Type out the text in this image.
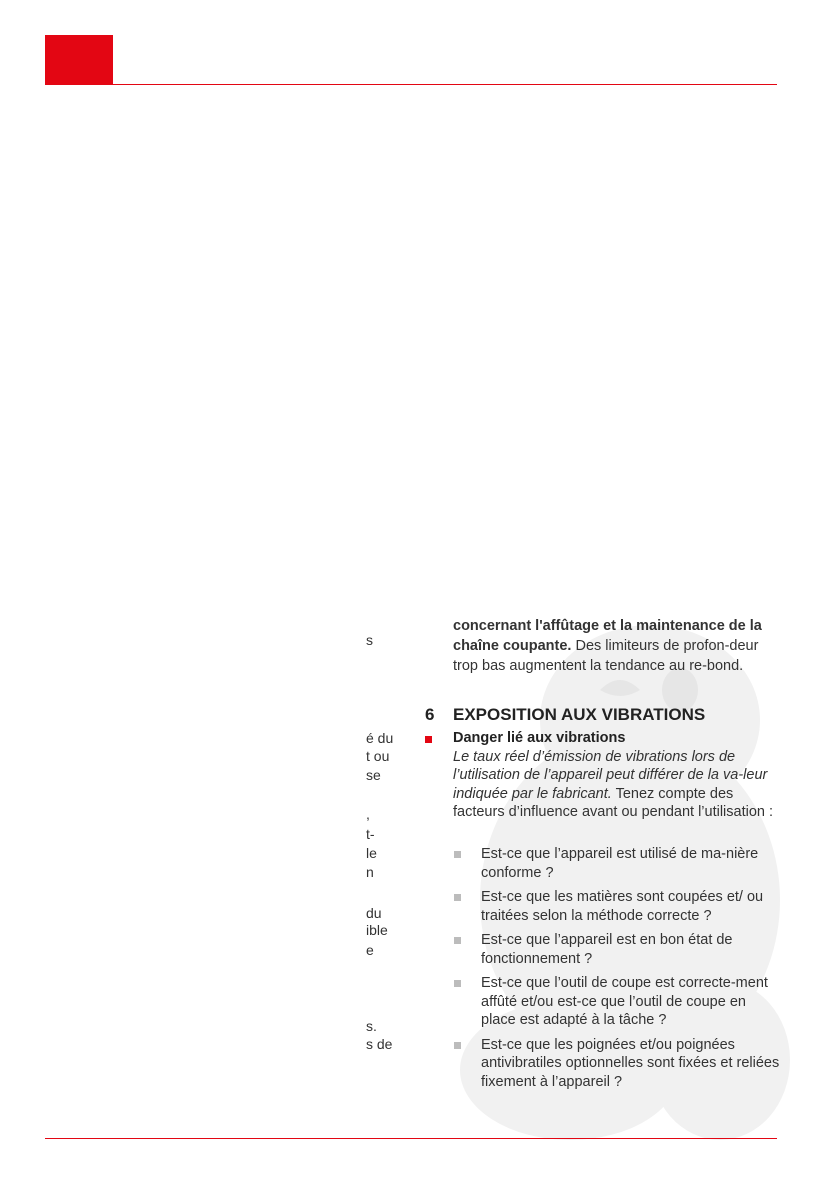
s
é du
t ou
se
,
t-
le
n
du
ible
e
s.
s de
concernant l'affûtage et la maintenance de la chaîne coupante. Des limiteurs de profon-deur trop bas augmentent la tendance au re-bond.
6 EXPOSITION AUX VIBRATIONS
Danger lié aux vibrations
Le taux réel d’émission de vibrations lors de l’utilisation de l’appareil peut différer de la va-leur indiquée par le fabricant. Tenez compte des facteurs d’influence avant ou pendant l’utilisation :
Est-ce que l’appareil est utilisé de ma-nière conforme ?
Est-ce que les matières sont coupées et/ ou traitées selon la méthode correcte ?
Est-ce que l’appareil est en bon état de fonctionnement ?
Est-ce que l’outil de coupe est correcte-ment affûté et/ou est-ce que l’outil de coupe en place est adapté à la tâche ?
Est-ce que les poignées et/ou poignées antivibratiles optionnelles sont fixées et reliées fixement à l’appareil ?
